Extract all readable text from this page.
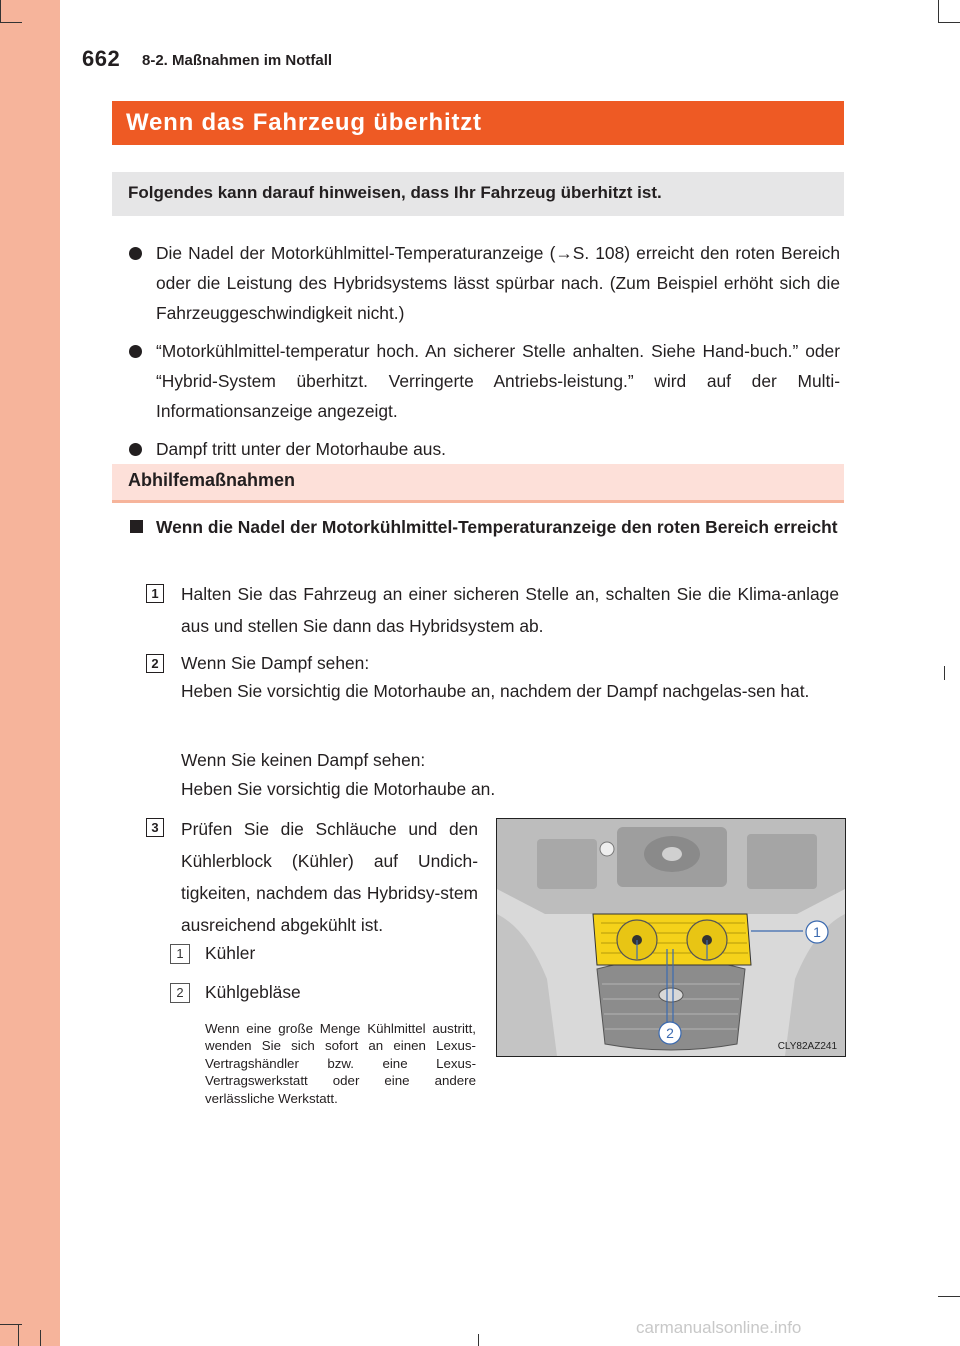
662 8-2. Maßnahmen im Notfall
Wenn das Fahrzeug überhitzt
Folgendes kann darauf hinweisen, dass Ihr Fahrzeug überhitzt ist.
Die Nadel der Motorkühlmittel-Temperaturanzeige (→S. 108) erreicht den roten Bereich oder die Leistung des Hybridsystems lässt spürbar nach. (Zum Beispiel erhöht sich die Fahrzeuggeschwindigkeit nicht.)
“Motorkühlmittel-temperatur hoch. An sicherer Stelle anhalten. Siehe Hand-buch.” oder “Hybrid-System überhitzt. Verringerte Antriebs-leistung.” wird auf der Multi-Informationsanzeige angezeigt.
Dampf tritt unter der Motorhaube aus.
Abhilfemaßnahmen
Wenn die Nadel der Motorkühlmittel-Temperaturanzeige den roten Bereich erreicht
1	Halten Sie das Fahrzeug an einer sicheren Stelle an, schalten Sie die Klima-anlage aus und stellen Sie dann das Hybridsystem ab.
2	Wenn Sie Dampf sehen:
Heben Sie vorsichtig die Motorhaube an, nachdem der Dampf nachgelas-sen hat.
Wenn Sie keinen Dampf sehen:
Heben Sie vorsichtig die Motorhaube an.
3	Prüfen Sie die Schläuche und den Kühlerblock (Kühler) auf Undich-tigkeiten, nachdem das Hybridsy-stem ausreichend abgekühlt ist.
1	Kühler
2	Kühlgebläse
Wenn eine große Menge Kühlmittel austritt, wenden Sie sich sofort an einen Lexus-Vertragshändler bzw. eine Lexus-Vertragswerkstatt oder eine andere verlässliche Werkstatt.
1
2
CLY82AZ241
carmanualsonline.info
